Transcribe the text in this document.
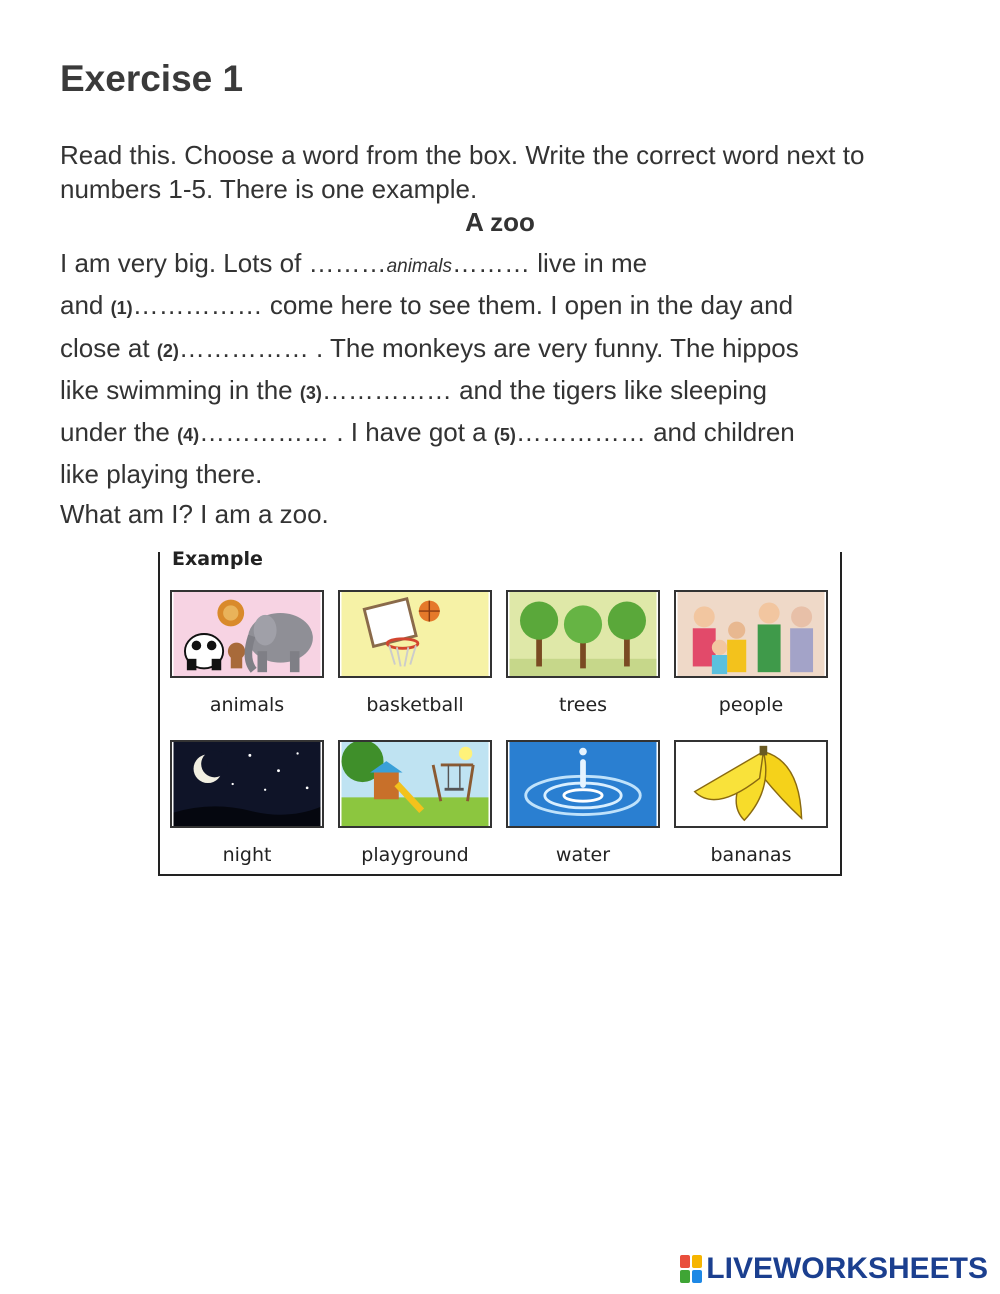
Exercise 1
Read this. Choose a word from the box. Write the correct word next to numbers 1-5. There is one example.
A zoo
I am very big. Lots of ………animals……… live in me
and (1)…………… come here to see them. I open in the day and
close at (2)…………… . The monkeys are very funny. The hippos
like swimming in the (3)…………… and the tigers like sleeping
under the (4)…………… . I have got a (5)…………… and children
like playing there.
What am I? I am a zoo.
Example
animals	basketball	trees	people
night	playground	water	bananas
LIVEWORKSHEETS
